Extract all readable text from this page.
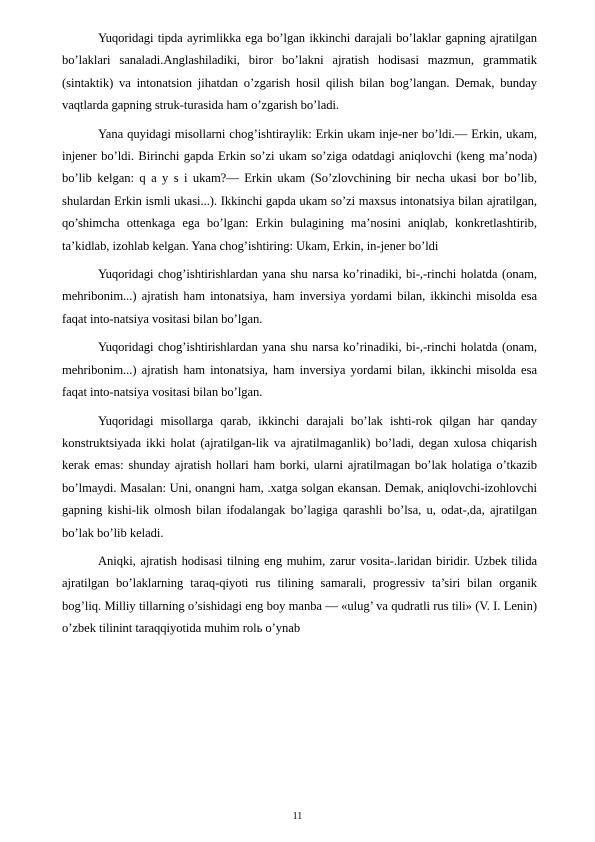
Yuqoridagi tipda ayrimlikka ega bo’lgan ikkinchi darajali bo’laklar gapning ajratilgan bo’laklari sanaladi.Anglashiladiki, biror bo’lakni ajratish hodisasi mazmun, grammatik (sintaktik) va intonatsion jihatdan o’zgarish hosil qilish bilan bog’langan. Demak, bunday vaqtlarda gapning struk-turasida ham o’zgarish bo’ladi.

Yana quyidagi misollarni chog’ishtiraylik: Erkin ukam inje-ner bo’ldi.— Erkin, ukam, injener bo’ldi. Birinchi gapda Erkin so’zi ukam so’ziga odatdagi aniqlovchi (keng ma’noda) bo’lib kelgan: q a y s i ukam?— Erkin ukam (So’zlovchining bir necha ukasi bor bo’lib, shulardan Erkin ismli ukasi...). Ikkinchi gapda ukam so’zi maxsus intonatsiya bilan ajratilgan, qo’shimcha ottenkaga ega bo’lgan: Erkin bulagining ma’nosini aniqlab, konkretlashtirib, ta’kidlab, izohlab kelgan. Yana chog’ishtiring: Ukam, Erkin, in-jener bo’ldi

Yuqoridagi chog’ishtirishlardan yana shu narsa ko’rinadiki, bi-,-rinchi holatda (onam, mehribonim...) ajratish ham intonatsiya, ham inversiya yordami bilan, ikkinchi misolda esa faqat into-natsiya vositasi bilan bo’lgan.

Yuqoridagi chog’ishtirishlardan yana shu narsa ko’rinadiki, bi-,-rinchi holatda (onam, mehribonim...) ajratish ham intonatsiya, ham inversiya yordami bilan, ikkinchi misolda esa faqat into-natsiya vositasi bilan bo’lgan.

Yuqoridagi misollarga qarab, ikkinchi darajali bo’lak ishti-rok qilgan har qanday konstruktsiyada ikki holat (ajratilgan-lik va ajratilmaganlik) bo’ladi, degan xulosa chiqarish kerak emas: shunday ajratish hollari ham borki, ularni ajratilmagan bo’lak holatiga o’tkazib bo’lmaydi. Masalan: Uni, onangni ham, .xatga solgan ekansan. Demak, aniqlovchi-izohlovchi gapning kishi-lik olmosh bilan ifodalangak bo’lagiga qarashli bo’lsa, u, odat-,da, ajratilgan bo’lak bo’lib keladi.

Aniqki, ajratish hodisasi tilning eng muhim, zarur vosita-.laridan biridir. Uzbek tilida ajratilgan bo’laklarning taraq-qiyoti rus tilining samarali, progressiv ta’siri bilan organik bog’liq. Milliy tillarning o’sishidagi eng boy manba — «ulug’ va qudratli rus tili» (V. I. Lenin) o’zbek tilinint taraqqiyotida muhim rolь o’ynab

11
